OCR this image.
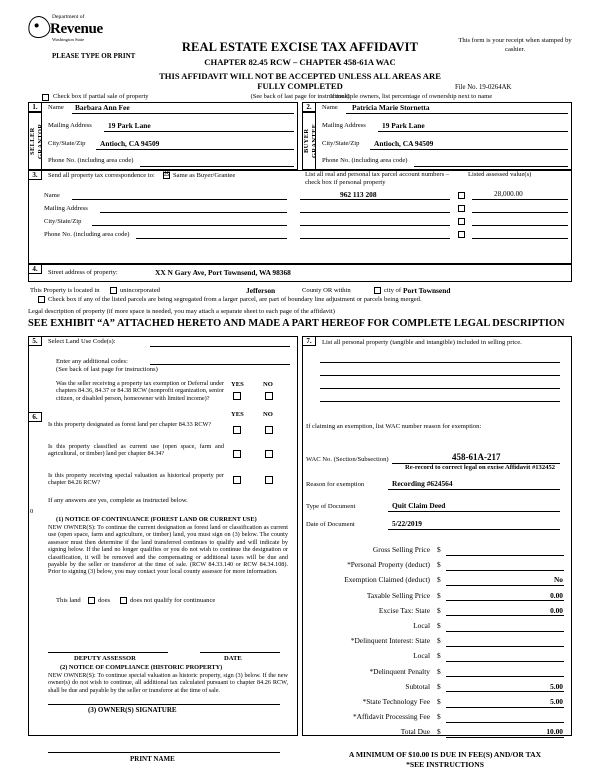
Department of
Revenue
Washington State
PLEASE TYPE OR PRINT
REAL ESTATE EXCISE TAX AFFIDAVIT
CHAPTER 82.45 RCW – CHAPTER 458-61A WAC
THIS AFFIDAVIT WILL NOT BE ACCEPTED UNLESS ALL AREAS ARE FULLY COMPLETED
(See back of last page for instructions)
This form is your receipt when stamped by cashier.
File No. 19-0264AK
Check box if partial sale of property	If multiple owners, list percentage of ownership next to name
1.
SELLER GRANTOR
Name Barbara Ann Fee
Mailing Address 19 Park Lane
City/State/Zip Antioch, CA 94509
Phone No. (including area code)
2.
BUYER GRANTEE
Name Patricia Marie Stornetta
Mailing Address 19 Park Lane
City/State/Zip Antioch, CA 94509
Phone No. (including area code)
3.	Send all property tax correspondence to: ☒	Same as Buyer/Grantee	List all real and personal tax parcel account numbers – check box if personal property
Listed assessed value(s)
Name
Mailing Address
City/State/Zip
Phone No. (including area code)
962 113 208	28,000.00
4.	Street address of property:	XX N Gary Ave, Port Townsend, WA 98368
This Property is located in	unincorporated	Jefferson	County OR within	city of Port Townsend
Check box if any of the listed parcels are being segregated from a larger parcel, are part of boundary line adjustment or parcels being merged.
Legal description of property (if more space is needed, you may attach a separate sheet to each page of the affidavit)
SEE EXHIBIT “A” ATTACHED HERETO AND MADE A PART HEREOF FOR COMPLETE LEGAL DESCRIPTION
5.	Select Land Use Code(s):
Enter any additional codes:
(See back of last page for instructions)
YES	NO
Was the seller receiving a property tax exemption or Deferral under chapters 84.36, 84.37 or 84.38 RCW (nonprofit organization, senior citizen, or disabled person, homeowner with limited income)?
6.	YES	NO
Is this property designated as forest land per chapter 84.33 RCW?
Is this property classified as current use (open space, farm and agricultural, or timber) land per chapter 84.34?
Is this property receiving special valuation as historical property per chapter 84.26 RCW?
If any answers are yes, complete as instructed below.
0
(1) NOTICE OF CONTINUANCE (FOREST LAND OR CURRENT USE)
NEW OWNER(S): To continue the current designation as forest land or classification as current use (open space, farm and agriculture, or timber) land, you must sign on (3) below. The county assessor must then determine if the land transferred continues to qualify and will indicate by signing below. If the land no longer qualifies or you do not wish to continue the designation or classification, it will be removed and the compensating or additional taxes will be due and payable by the seller or transferor at the time of sale. (RCW 84.33.140 or RCW 84.34.108). Prior to signing (3) below, you may contact your local county assessor for more information.
This land	does	does not qualify for continuance
DEPUTY ASSESSOR	DATE
(2) NOTICE OF COMPLIANCE (HISTORIC PROPERTY)
NEW OWNER(S): To continue special valuation as historic property, sign (3) below. If the new owner(s) do not wish to continue, all additional tax calculated pursuant to chapter 84.26 RCW, shall be due and payable by the seller or transferor at the time of sale.
(3) OWNER(S) SIGNATURE
PRINT NAME
7.	List all personal property (tangible and intangible) included in selling price.
If claiming an exemption, list WAC number reason for exemption:
WAC No. (Section/Subsection)	458-61A-217
Re-record to correct legal on excise Affidavit #132452
Reason for exemption	Recording #624564
Type of Document	Quit Claim Deed
Date of Document	5/22/2019
Gross Selling Price $
*Personal Property (deduct) $
Exemption Claimed (deduct) $	No
Taxable Selling Price $	0.00
Excise Tax: State $	0.00
Local $
*Delinquent Interest: State $
Local $
*Delinquent Penalty $
Subtotal $	5.00
*State Technology Fee $	5.00
*Affidavit Processing Fee $
Total Due $	10.00
A MINIMUM OF $10.00 IS DUE IN FEE(S) AND/OR TAX
*SEE INSTRUCTIONS
